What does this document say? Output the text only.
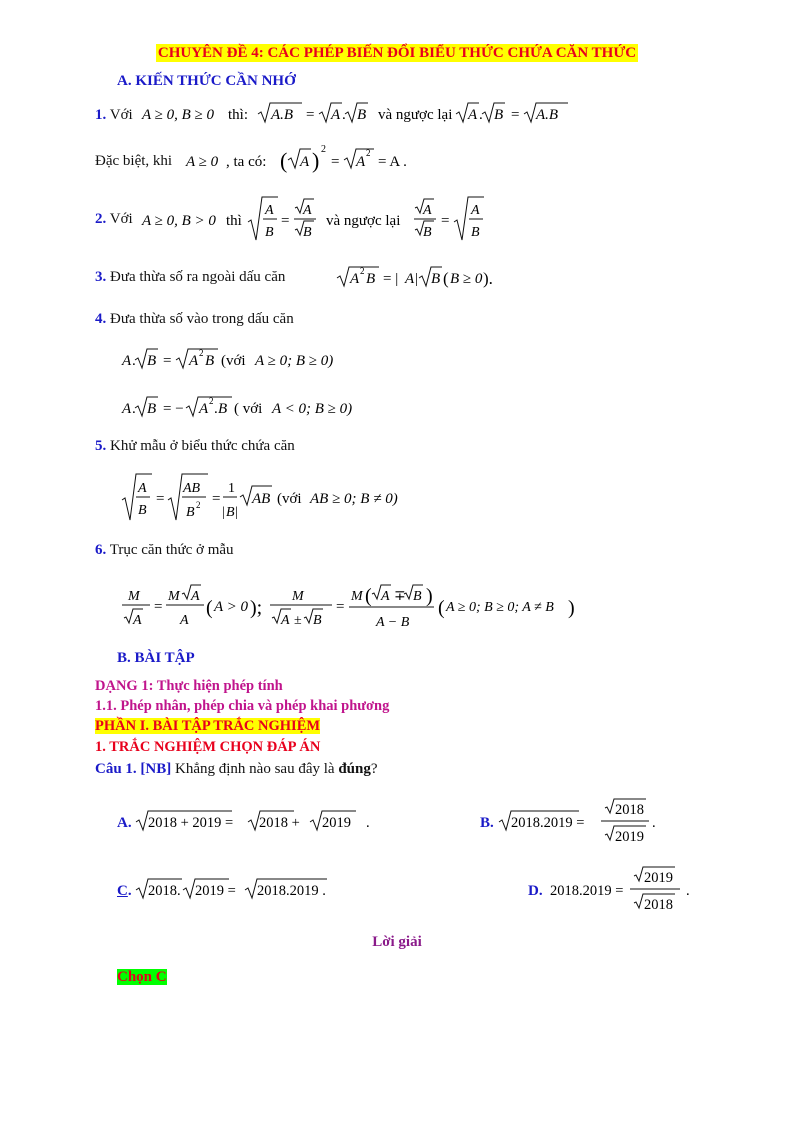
CHUYÊN ĐỀ 4: CÁC PHÉP BIẾN ĐỔI BIỂU THỨC CHỨA CĂN THỨC
A. KIẾN THỨC CẦN NHỚ
1. Với A ≥ 0, B ≥ 0 thì: A.B = A . B và ngược lại A . B = A.B
Đặc biệt, khi A ≥ 0 , ta có: ( A ) 2
= A
2
= A .
2. Với A ≥ 0, B > 0 thì
A
B
=
A
B
và ngược lại
A
B
=
A
B
3. Đưa thừa số ra ngoài dấu căn	A 2 B = | A | B ( B ≥ 0 ).
4. Đưa thừa số vào trong dấu căn
A . B = A 2 B (với A ≥ 0; B ≥ 0)
A . B = − A 2 . B ( với A < 0; B ≥ 0)
5. Khử mẫu ở biểu thức chứa căn
A
B
=
AB
B 2 =
1
| B |
AB (với AB ≥ 0; B ≠ 0)
6. Trục căn thức ở mẫu
M
A
=
M A
A
( A > 0 );
M
A ± B
=
M ( A ∓ B )
A − B
( A ≥ 0; B ≥ 0; A ≠ B )
B. BÀI TẬP
DẠNG 1: Thực hiện phép tính
1.1. Phép nhân, phép chia và phép khai phương
PHẦN I. BÀI TẬP TRẮC NGHIỆM
1. TRẮC NGHIỆM CHỌN ĐÁP ÁN
Câu 1. [NB] Khẳng định nào sau đây là đúng?
A. 2018 + 2019 = 2018 + 2019 .	B. 2018.2019 =
2018
2019
.
C. 2018. 2019 = 2018.2019 .	D. 2018.2019 =
2019
2018
.
Lời giải
Chọn C
